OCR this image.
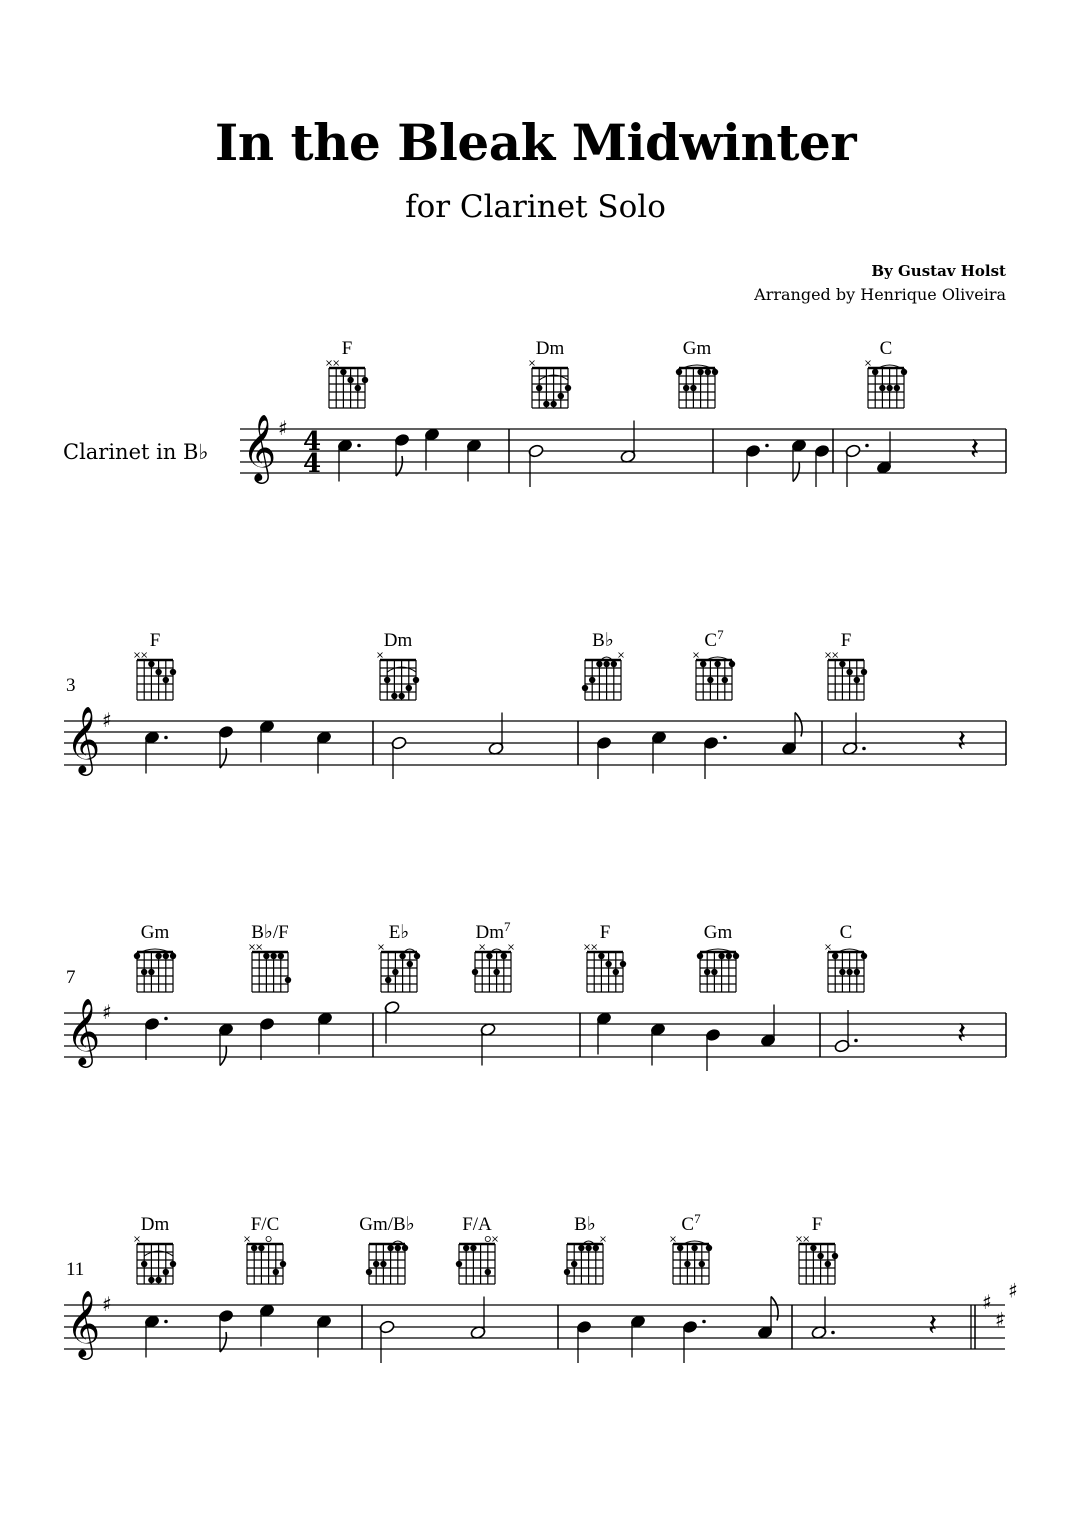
In the Bleak Midwinter
for Clarinet Solo
By Gustav Holst
Arranged by Henrique Oliveira
Clarinet in B♭ 𝄞 ♯ 4
4
F	Dm	Gm	C
𝄽
𝄞 ♯
3
F	Dm	B♭	$C^7$	F
𝄽
𝄞 ♯
7
Gm	B♭/F	E♭	Dm$^7$	F	Gm	C
𝄽
♯
♯
♯
𝄞 ♯
11
Dm	F/C	Gm/B♭	F/A	B♭	$C^7$	F
𝄽
